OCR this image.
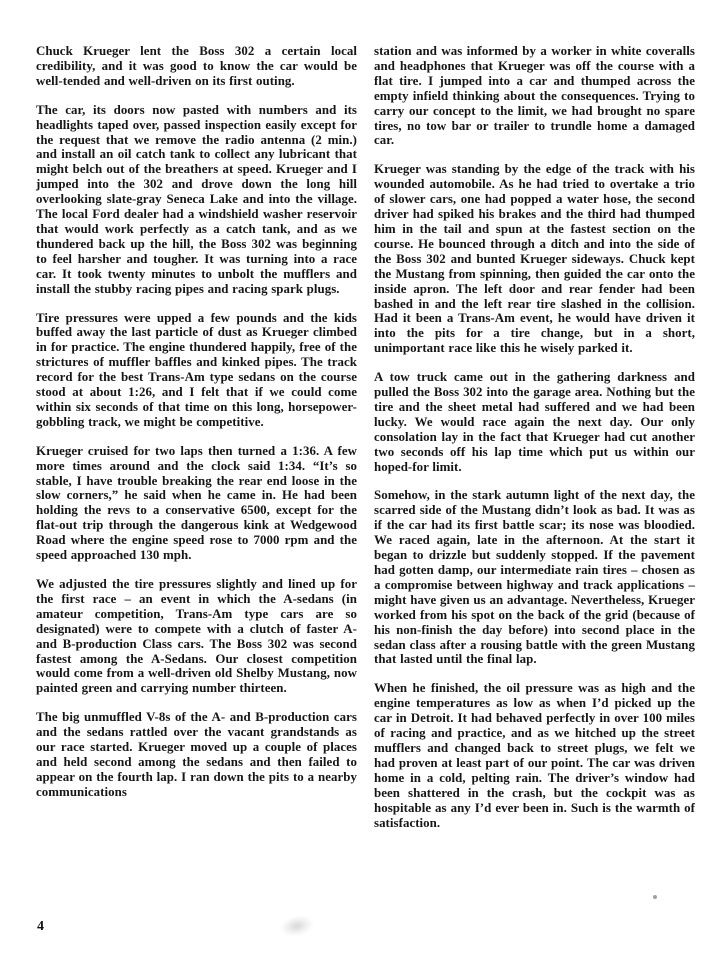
Chuck Krueger lent the Boss 302 a certain local credibility, and it was good to know the car would be well-tended and well-driven on its first outing.

The car, its doors now pasted with numbers and its headlights taped over, passed inspection easily except for the request that we remove the radio antenna (2 min.) and install an oil catch tank to collect any lubricant that might belch out of the breathers at speed. Krueger and I jumped into the 302 and drove down the long hill overlooking slate-gray Seneca Lake and into the village. The local Ford dealer had a windshield washer reservoir that would work perfectly as a catch tank, and as we thundered back up the hill, the Boss 302 was beginning to feel harsher and tougher. It was turning into a race car. It took twenty minutes to unbolt the mufflers and install the stubby racing pipes and racing spark plugs.

Tire pressures were upped a few pounds and the kids buffed away the last particle of dust as Krueger climbed in for practice. The engine thundered happily, free of the strictures of muffler baffles and kinked pipes. The track record for the best Trans-Am type sedans on the course stood at about 1:26, and I felt that if we could come within six seconds of that time on this long, horsepower-gobbling track, we might be competitive.

Krueger cruised for two laps then turned a 1:36. A few more times around and the clock said 1:34. “It’s so stable, I have trouble breaking the rear end loose in the slow corners,” he said when he came in. He had been holding the revs to a conservative 6500, except for the flat-out trip through the dangerous kink at Wedgewood Road where the engine speed rose to 7000 rpm and the speed approached 130 mph.

We adjusted the tire pressures slightly and lined up for the first race – an event in which the A-sedans (in amateur competition, Trans-Am type cars are so designated) were to compete with a clutch of faster A- and B-production Class cars. The Boss 302 was second fastest among the A-Sedans. Our closest competition would come from a well-driven old Shelby Mustang, now painted green and carrying number thirteen.

The big unmuffled V-8s of the A- and B-production cars and the sedans rattled over the vacant grandstands as our race started. Krueger moved up a couple of places and held second among the sedans and then failed to appear on the fourth lap. I ran down the pits to a nearby communications

station and was informed by a worker in white coveralls and headphones that Krueger was off the course with a flat tire. I jumped into a car and thumped across the empty infield thinking about the consequences. Trying to carry our concept to the limit, we had brought no spare tires, no tow bar or trailer to trundle home a damaged car.

Krueger was standing by the edge of the track with his wounded automobile. As he had tried to overtake a trio of slower cars, one had popped a water hose, the second driver had spiked his brakes and the third had thumped him in the tail and spun at the fastest section on the course. He bounced through a ditch and into the side of the Boss 302 and bunted Krueger sideways. Chuck kept the Mustang from spinning, then guided the car onto the inside apron. The left door and rear fender had been bashed in and the left rear tire slashed in the collision. Had it been a Trans-Am event, he would have driven it into the pits for a tire change, but in a short, unimportant race like this he wisely parked it.

A tow truck came out in the gathering darkness and pulled the Boss 302 into the garage area. Nothing but the tire and the sheet metal had suffered and we had been lucky. We would race again the next day. Our only consolation lay in the fact that Krueger had cut another two seconds off his lap time which put us within our hoped-for limit.

Somehow, in the stark autumn light of the next day, the scarred side of the Mustang didn’t look as bad. It was as if the car had its first battle scar; its nose was bloodied. We raced again, late in the afternoon. At the start it began to drizzle but suddenly stopped. If the pavement had gotten damp, our intermediate rain tires – chosen as a compromise between highway and track applications – might have given us an advantage. Nevertheless, Krueger worked from his spot on the back of the grid (because of his non-finish the day before) into second place in the sedan class after a rousing battle with the green Mustang that lasted until the final lap.

When he finished, the oil pressure was as high and the engine temperatures as low as when I’d picked up the car in Detroit. It had behaved perfectly in over 100 miles of racing and practice, and as we hitched up the street mufflers and changed back to street plugs, we felt we had proven at least part of our point. The car was driven home in a cold, pelting rain. The driver’s window had been shattered in the crash, but the cockpit was as hospitable as any I’d ever been in. Such is the warmth of satisfaction.

4
